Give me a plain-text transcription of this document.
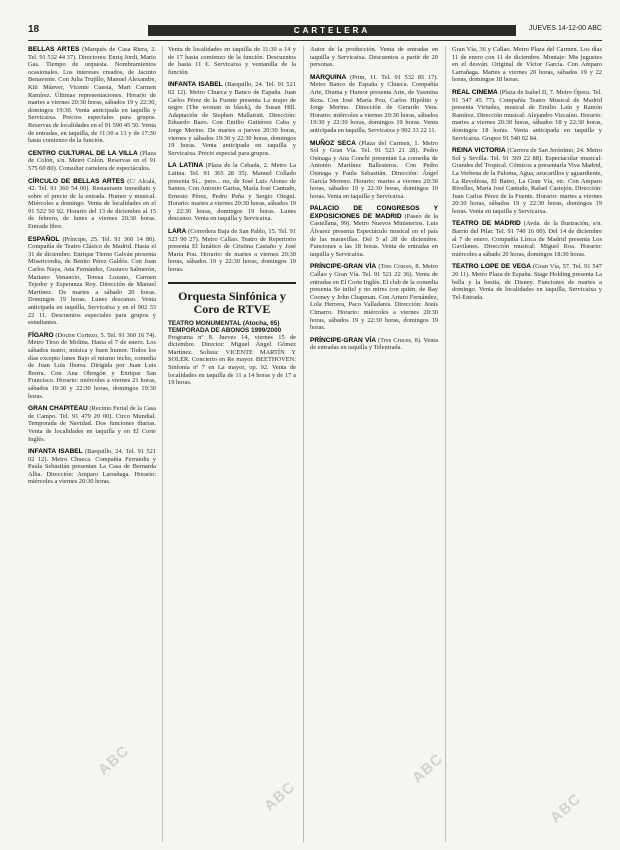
18	CARTELERA	JUEVES 14-12-00 ABC

BELLAS ARTES (Marqués de Casa Riera, 2. Tel. 91 532 44 37). Directores: Enriq Jordi, Mario Gas. Tiempo de orquesta. Nombramientos ocasionales. Los intereses creados, de Jacinto Benavente. Con Julia Trujillo, Manuel Alexandre, Kiti Mánver, Vicente Cuesta, Mari Carmen Ramírez. Últimas representaciones. Horario de martes a viernes 20:30 horas, sábados 19 y 22:30, domingos 19:30. Venta anticipada en taquilla y Servicaixa. Precios especiales para grupos. Reservas de localidades en el 91 590 45 50. Venta de entradas, en taquilla, de 11:30 a 13 y de 17:30 hasta comienzo de la función.

CENTRO CULTURAL DE LA VILLA (Plaza de Colón, s/n. Metro Colón. Reservas en el 91 575 60 80). Consultar cartelera de espectáculos.

CÍRCULO DE BELLAS ARTES (C/ Alcalá, 42. Tel. 91 360 54 00). Restaurante inmediato y sobre el precio de la entrada. Humor y musical. Miércoles a domingo. Venta de localidades en el 91 522 50 92. Horario del 13 de diciembre al 15 de febrero, de lunes a viernes 20:30 horas. Entrada libre.

ESPAÑOL (Príncipe, 25. Tel. 91 360 14 80). Compañía de Teatro Clásico de Madrid. Hasta el 31 de diciembre. Enrique Tierno Galván presenta Misericordia, de Benito Pérez Galdós. Con Juan Carlos Naya, Ana Fernández, Gustavo Salmerón, Mariano Venancio, Teresa Lozano, Carmen Tejedor y Esperanza Roy. Dirección de Manuel Martínez. De martes a sábado 20 horas. Domingos 19 horas. Lunes descanso. Venta anticipada en taquilla, Servicaixa y en el 902 33 22 11. Descuentos especiales para grupos y estudiantes.

FÍGARO (Doctor Cortezo, 5. Tel. 91 360 16 74). Metro Tirso de Molina. Hasta el 7 de enero. Los sábados teatro, música y buen humor. Todos los días excepto lunes Bajo el mismo techo, comedia de Juan Luis Iborra. Dirigida por Juan Luis Iborra. Con Ana Obregón y Enrique San Francisco. Horario: miércoles a viernes 21 horas, sábados 19:30 y 22:30 horas, domingos 19:30 horas.

GRAN CHAPITEAU (Recinto Ferial de la Casa de Campo. Tel. 91 479 20 00). Circo Mundial. Temporada de Navidad. Dos funciones diarias. Venta de localidades en taquilla y en El Corte Inglés.

INFANTA ISABEL (Barquillo, 24. Tel. 91 521 02 12). Metro Chueca. Compañía Ferrandis y Paula Sebastián presentan La Casa de Bernarda Alba. Dirección: Amparo Larrañaga. Horario: miércoles a viernes 20:30 horas.

Venta de localidades en taquilla de 11:30 a 14 y de 17 hasta comienzo de la función. Descuentos de hasta 11 €. Servicaixa y ventanilla de la función.

INFANTA ISABEL (Barquillo, 24. Tel. 91 521 02 12). Metro Chueca y Banco de España. Juan Carlos Pérez de la Fuente presenta La mujer de negro (The woman in black), de Susan Hill. Adaptación de Stephen Mallatratt. Dirección: Eduardo Bazo. Con Emilio Gutiérrez Caba y Jorge Merino. De martes a jueves 20:30 horas, viernes y sábados 19:30 y 22:30 horas, domingos 19 horas. Venta anticipada en taquilla y Servicaixa. Precio especial para grupos.

LA LATINA (Plaza de la Cebada, 2. Metro La Latina. Tel. 91 365 28 35). Manuel Collado presenta Sí... pero... no, de José Luis Alonso de Santos. Con Antonio Garisa, María José Cantudo, Ernesto Pérez, Pedro Peña y Sergio Otegui. Horario: martes a viernes 20:30 horas, sábados 19 y 22:30 horas, domingos 19 horas. Lunes descanso. Venta en taquilla y Servicaixa.

LARA (Corredera Baja de San Pablo, 15. Tel. 91 523 90 27). Metro Callao. Teatro de Repertorio presenta El lunático de Cristina Castaño y José María Pou. Horario: de martes a viernes 20:30 horas, sábados 19 y 22:30 horas, domingos 19 horas.

Orquesta Sinfónica y Coro de RTVE
TEATRO MONUMENTAL (Atocha, 65) TEMPORADA DE ABONOS 1999/2000

Programa nº 8. Jueves 14, viernes 15 de diciembre. Director: Miguel Ángel Gómez Martínez. Solista: VICENTE MARTÍN Y SOLER. Concierto en Re mayor. BEETHOVEN: Sinfonía nº 7 en La mayor, op. 92. Venta de localidades en taquilla de 11 a 14 horas y de 17 a 19 horas.

Autor de la producción. Venta de entradas en taquilla y Servicaixa. Descuentos a partir de 20 personas.

MARQUINA (Prim, 11. Tel. 91 532 85 17). Metro Banco de España y Chueca. Compañía Arte, Drama y Humor presenta Arte, de Yasmina Reza. Con José María Pou, Carlos Hipólito y Jorge Merino. Dirección de Gerardo Vera. Horario: miércoles a viernes 20:30 horas, sábados 19:30 y 22:30 horas, domingos 19 horas. Venta anticipada en taquilla, Servicaixa y 902 33 22 11.

MUÑOZ SECA (Plaza del Carmen, 1. Metro Sol y Gran Vía. Tel. 91 523 21 28). Pedro Osinaga y Ana Conchi presentan La comedia de Antonio Martínez Ballesteros. Con Pedro Osinaga y Paula Sebastián. Dirección: Ángel García Moreno. Horario: martes a viernes 20:30 horas, sábados 19 y 22:30 horas, domingos 19 horas. Venta en taquilla y Servicaixa.

PALACIO DE CONGRESOS Y EXPOSICIONES DE MADRID (Paseo de la Castellana, 99). Metro Nuevos Ministerios. Luis Álvarez presenta Espectáculo musical en el país de las maravillas. Del 5 al 28 de diciembre. Funciones a las 18 horas. Venta de entradas en taquilla y Servicaixa.

PRÍNCIPE-GRAN VÍA (Tres Cruces, 8. Metro Callao y Gran Vía. Tel. 91 521 22 36). Venta de entradas en El Corte Inglés. El club de la comedia presenta Se infiel y no mires con quién, de Ray Cooney y John Chapman. Con Arturo Fernández, Lola Herrera, Paco Valladares. Dirección: Jesús Cimarro. Horario: miércoles a viernes 20:30 horas, sábados 19 y 22:30 horas, domingos 19 horas.

PRÍNCIPE-GRAN VÍA (Tres Cruces, 8). Venta de entradas en taquilla y Telentrada.

Gran Vía, 36 y Callao. Metro Plaza del Carmen. Los días 11 de enero con 11 de diciembre. Montaje: Mis juguetes en el desván. Original de Víctor García. Con Amparo Larrañaga. Martes a viernes 20 horas, sábados 19 y 22 horas, domingos 18 horas.

REAL CINEMA (Plaza de Isabel II, 7. Metro Ópera. Tel. 91 547 45 77). Compañía Teatro Musical de Madrid presenta Virtudes, musical de Emilio Laín y Ramón Ramírez. Dirección musical: Alejandro Vizcaíno. Horario: martes a viernes 20:30 horas, sábados 18 y 22:30 horas, domingos 18 horas. Venta anticipada en taquilla y Servicaixa. Grupos 91 540 02 84.

REINA VICTORIA (Carrera de San Jerónimo, 24. Metro Sol y Sevilla. Tel. 91 369 22 88). Espectacular musical: Grandes del Tropical. Cómicos a presentarla Viva Madrid, La Verbena de la Paloma, Agua, azucarillos y aguardiente, La Revoltosa, El Bateo, La Gran Vía, etc. Con Amparo Rivelles, María José Cantudo, Rafael Castejón. Dirección: Juan Carlos Pérez de la Fuente. Horario: martes a viernes 20:30 horas, sábados 19 y 22:30 horas, domingos 19 horas. Venta en taquilla y Servicaixa.

TEATRO DE MADRID (Avda. de la Ilustración, s/n. Barrio del Pilar. Tel. 91 740 16 00). Del 14 de diciembre al 7 de enero. Compañía Lírica de Madrid presenta Los Gavilanes. Dirección musical: Miguel Roa. Horario: miércoles a sábado 20 horas, domingos 18:30 horas.

TEATRO LOPE DE VEGA (Gran Vía, 57. Tel. 91 547 20 11). Metro Plaza de España. Stage Holding presenta La bella y la bestia, de Disney. Funciones de martes a domingo. Venta de localidades en taquilla, Servicaixa y Tel-Entrada.

ABC
ABC
ABC
ABC
